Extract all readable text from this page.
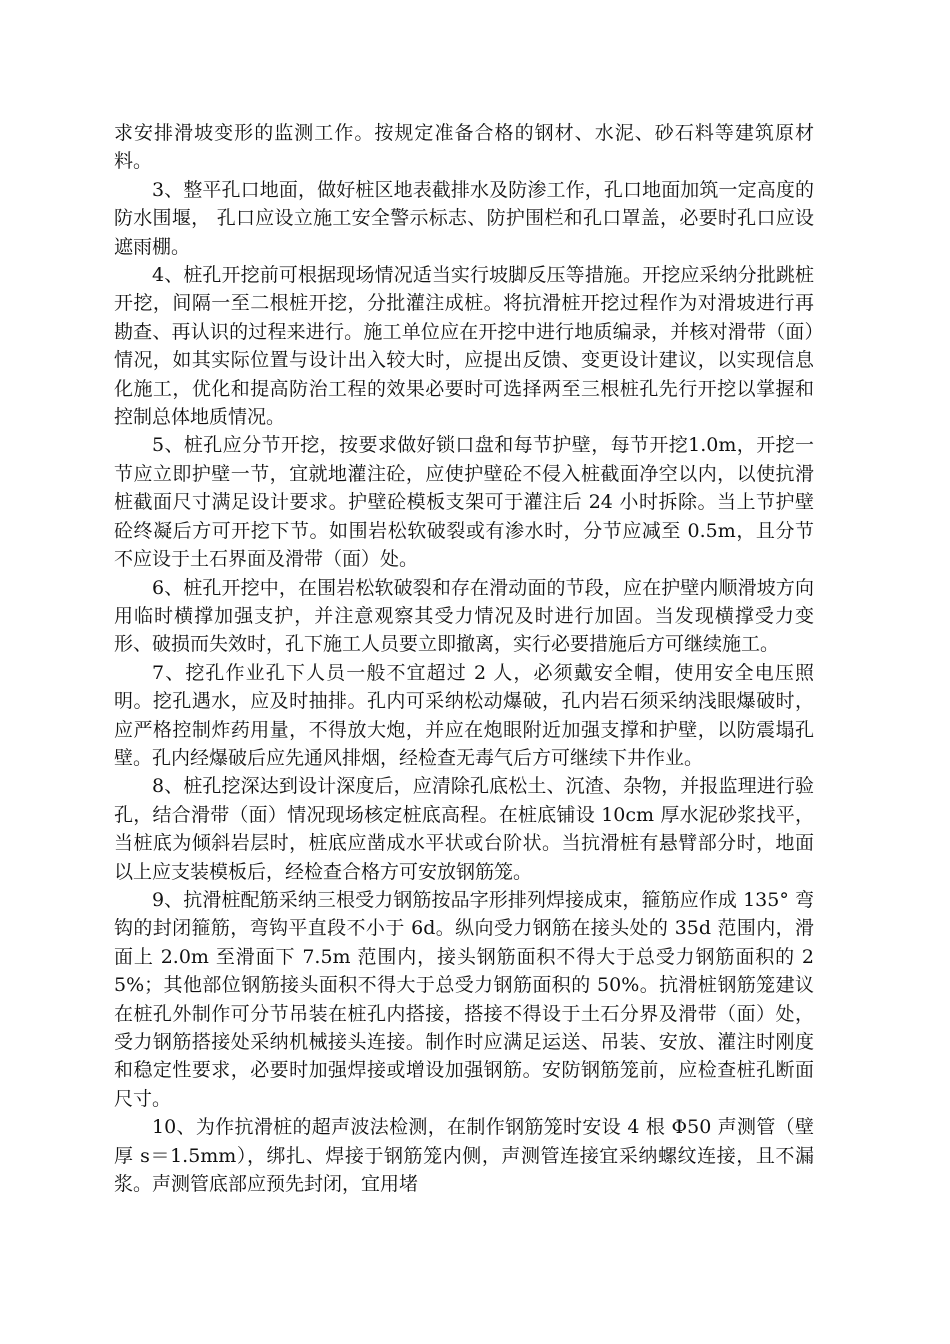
求安排滑坡变形的监测工作。按规定准备合格的钢材、水泥、砂石料等建筑原材料。

3、整平孔口地面，做好桩区地表截排水及防渗工作，孔口地面加筑一定高度的防水围堰， 孔口应设立施工安全警示标志、防护围栏和孔口罩盖，必要时孔口应设遮雨棚。

4、桩孔开挖前可根据现场情况适当实行坡脚反压等措施。开挖应采纳分批跳桩开挖，间隔一至二根桩开挖，分批灌注成桩。将抗滑桩开挖过程作为对滑坡进行再勘查、再认识的过程来进行。施工单位应在开挖中进行地质编录，并核对滑带（面）情况，如其实际位置与设计出入较大时，应提出反馈、变更设计建议，以实现信息化施工，优化和提高防治工程的效果必要时可选择两至三根桩孔先行开挖以掌握和控制总体地质情况。

5、桩孔应分节开挖，按要求做好锁口盘和每节护壁，每节开挖1.0m，开挖一节应立即护壁一节，宜就地灌注砼，应使护壁砼不侵入桩截面净空以内，以使抗滑桩截面尺寸满足设计要求。护壁砼模板支架可于灌注后 24 小时拆除。当上节护壁砼终凝后方可开挖下节。如围岩松软破裂或有渗水时，分节应减至 0.5m，且分节不应设于土石界面及滑带（面）处。

6、桩孔开挖中，在围岩松软破裂和存在滑动面的节段，应在护壁内顺滑坡方向用临时横撑加强支护，并注意观察其受力情况及时进行加固。当发现横撑受力变形、破损而失效时，孔下施工人员要立即撤离，实行必要措施后方可继续施工。

7、挖孔作业孔下人员一般不宜超过 2 人，必须戴安全帽，使用安全电压照明。挖孔遇水，应及时抽排。孔内可采纳松动爆破，孔内岩石须采纳浅眼爆破时，应严格控制炸药用量，不得放大炮，并应在炮眼附近加强支撑和护壁，以防震塌孔壁。孔内经爆破后应先通风排烟，经检查无毒气后方可继续下井作业。

8、桩孔挖深达到设计深度后，应清除孔底松土、沉渣、杂物，并报监理进行验孔，结合滑带（面）情况现场核定桩底高程。在桩底铺设 10cm 厚水泥砂浆找平，当桩底为倾斜岩层时，桩底应凿成水平状或台阶状。当抗滑桩有悬臂部分时，地面以上应支装模板后，经检查合格方可安放钢筋笼。

9、抗滑桩配筋采纳三根受力钢筋按品字形排列焊接成束，箍筋应作成 135° 弯钩的封闭箍筋，弯钩平直段不小于 6d。纵向受力钢筋在接头处的 35d 范围内，滑面上 2.0m 至滑面下 7.5m 范围内，接头钢筋面积不得大于总受力钢筋面积的 25%；其他部位钢筋接头面积不得大于总受力钢筋面积的 50%。抗滑桩钢筋笼建议在桩孔外制作可分节吊装在桩孔内搭接，搭接不得设于土石分界及滑带（面）处，受力钢筋搭接处采纳机械接头连接。制作时应满足运送、吊装、安放、灌注时刚度和稳定性要求，必要时加强焊接或增设加强钢筋。安防钢筋笼前，应检查桩孔断面尺寸。

10、为作抗滑桩的超声波法检测，在制作钢筋笼时安设 4 根 Φ50 声测管（壁厚 s＝1.5mm），绑扎、焊接于钢筋笼内侧，声测管连接宜采纳螺纹连接，且不漏浆。声测管底部应预先封闭，宜用堵
